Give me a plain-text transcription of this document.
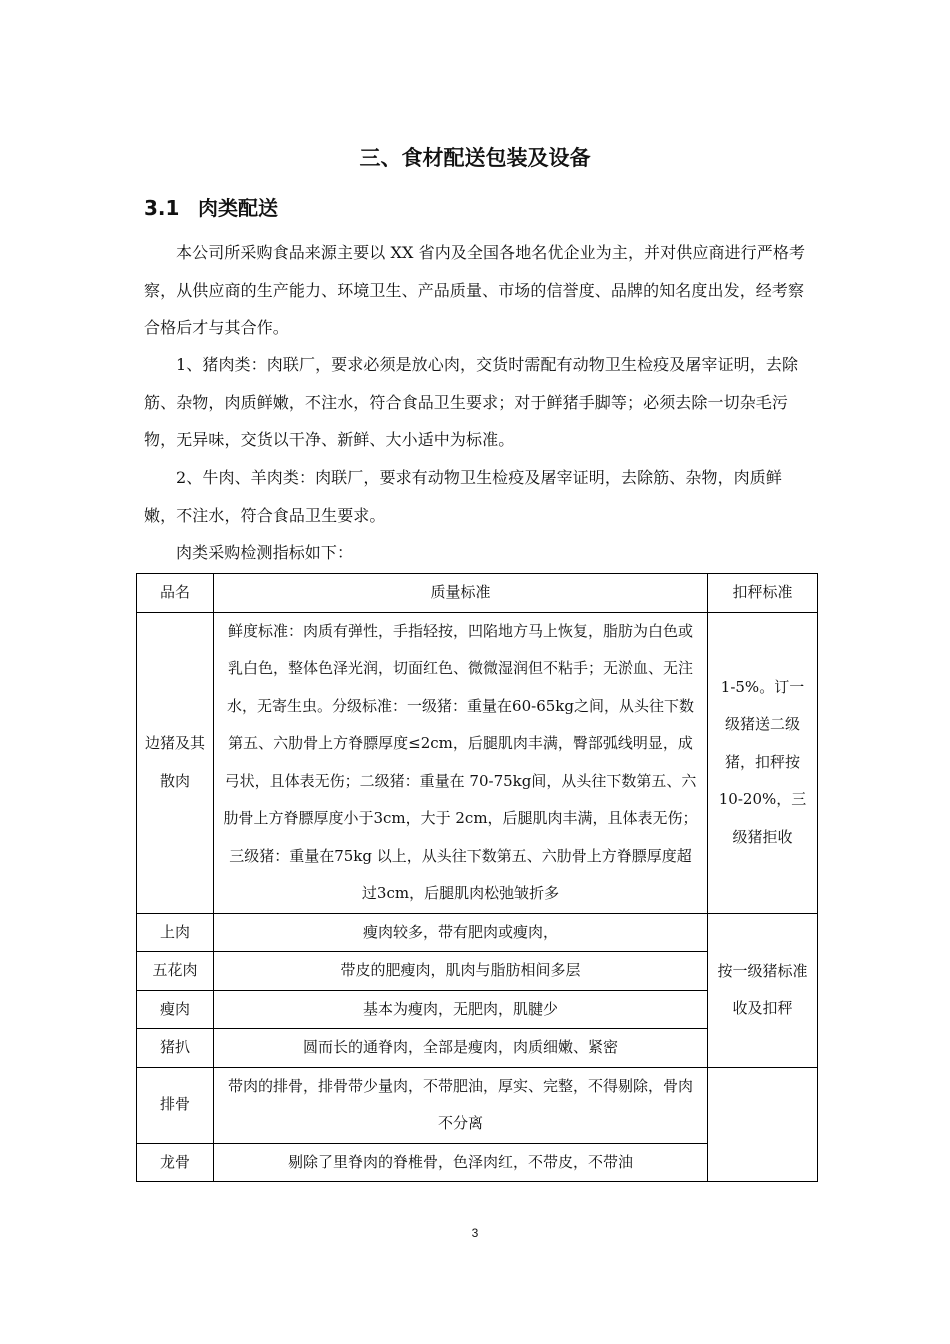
三、食材配送包装及设备
3.1 肉类配送

本公司所采购食品来源主要以 XX 省内及全国各地名优企业为主，并对供应商进行严格考察，从供应商的生产能力、环境卫生、产品质量、市场的信誉度、品牌的知名度出发，经考察合格后才与其合作。

1、猪肉类：肉联厂，要求必须是放心肉，交货时需配有动物卫生检疫及屠宰证明，去除筋、杂物，肉质鲜嫩，不注水，符合食品卫生要求；对于鲜猪手脚等；必须去除一切杂毛污物，无异味，交货以干净、新鲜、大小适中为标准。

2、牛肉、羊肉类：肉联厂，要求有动物卫生检疫及屠宰证明，去除筋、杂物，肉质鲜嫩，不注水，符合食品卫生要求。

肉类采购检测指标如下：

品名	质量标准	扣秤标准
边猪及其散肉	鲜度标准：肉质有弹性，手指轻按，凹陷地方马上恢复，脂肪为白色或乳白色，整体色泽光润，切面红色、微微湿润但不粘手；无淤血、无注水，无寄生虫。分级标准：一级猪：重量在60-65kg之间，从头往下数第五、六肋骨上方脊膘厚度≤2cm，后腿肌肉丰满，臀部弧线明显，成弓状，且体表无伤；二级猪：重量在 70-75kg间，从头往下数第五、六肋骨上方脊膘厚度小于3cm，大于 2cm，后腿肌肉丰满，且体表无伤；三级猪：重量在75kg 以上，从头往下数第五、六肋骨上方脊膘厚度超过3cm，后腿肌肉松弛皱折多	1-5%。订一级猪送二级猪，扣秤按10-20%，三级猪拒收
上肉	瘦肉较多，带有肥肉或瘦肉，	按一级猪标准收及扣秤
五花肉	带皮的肥瘦肉，肌肉与脂肪相间多层	
瘦肉	基本为瘦肉，无肥肉，肌腱少	
猪扒	圆而长的通脊肉，全部是瘦肉，肉质细嫩、紧密	
排骨	带肉的排骨，排骨带少量肉，不带肥油，厚实、完整，不得剔除，骨肉不分离	
龙骨	剔除了里脊肉的脊椎骨，色泽肉红，不带皮，不带油	
3
